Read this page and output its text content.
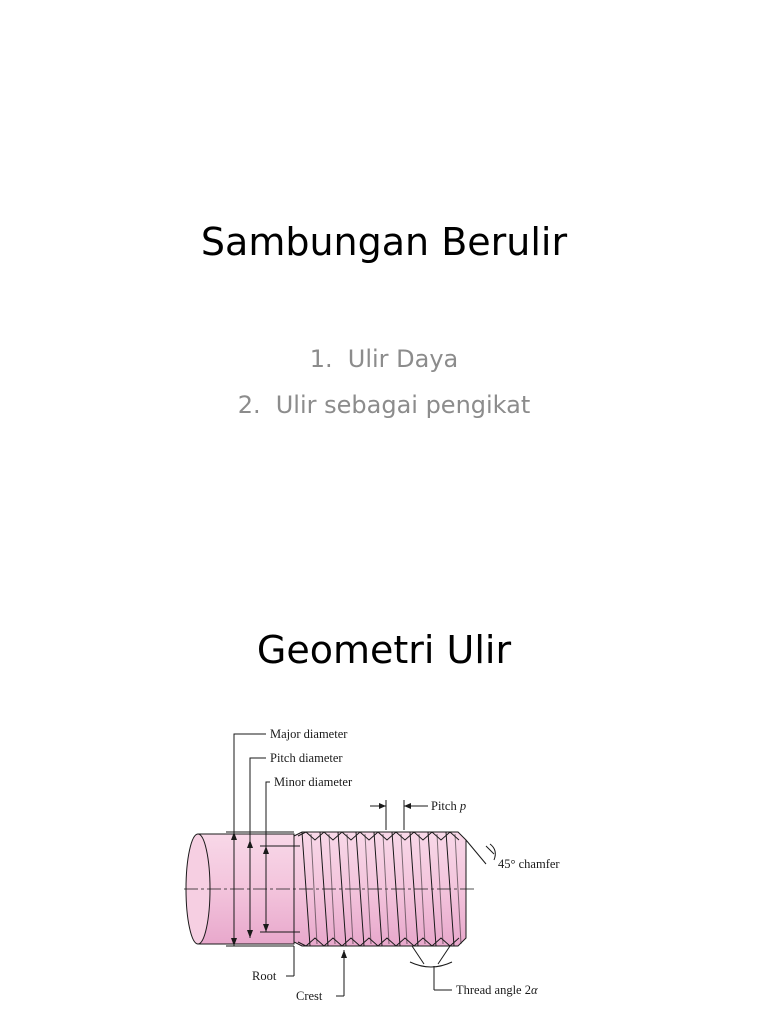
Sambungan Berulir
1. Ulir Daya
2. Ulir sebagai pengikat
Geometri Ulir
Major diameter
Pitch diameter
Minor diameter
Pitch p
45° chamfer
Root
Crest	Thread angle 2α
